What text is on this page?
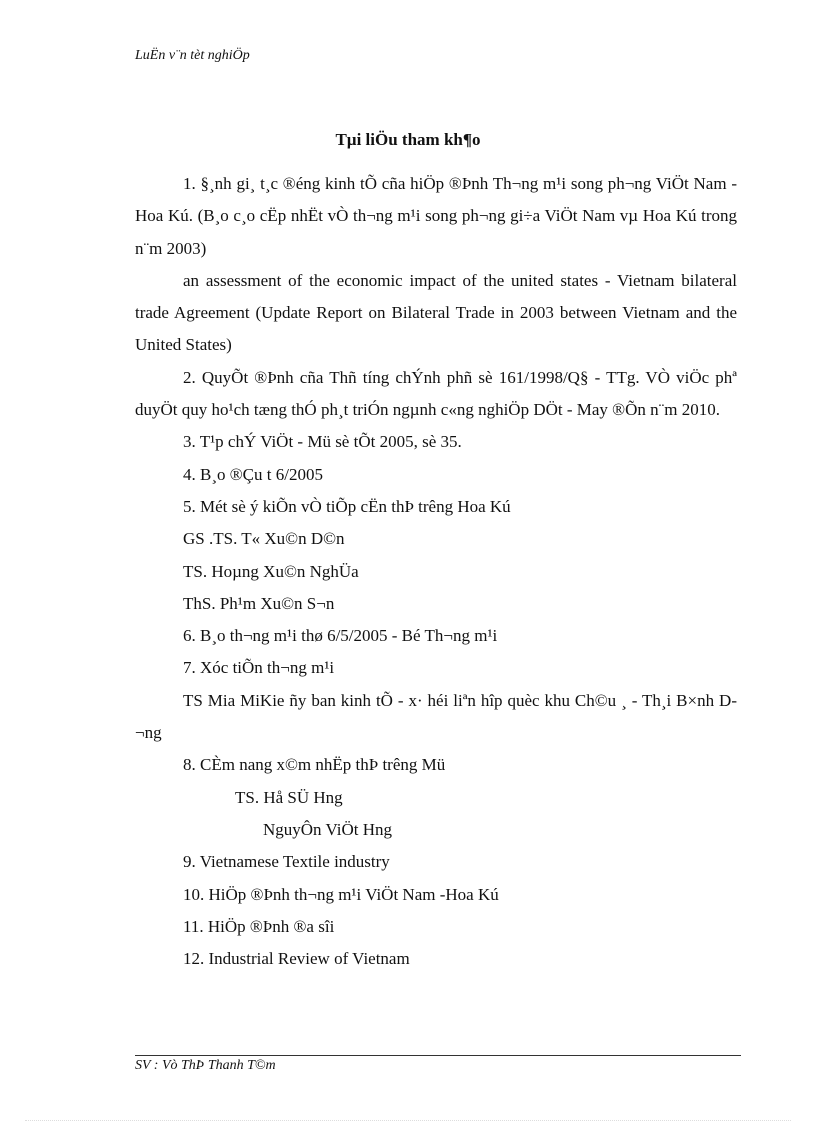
LuËn v¨n tèt nghiÖp
Tµi liÖu tham kh¶o

1. §¸nh gi¸ t¸c ®éng kinh tÕ cña hiÖp ®Þnh Th¬ng m¹i song ph¬ng ViÖt Nam - Hoa Kú. (B¸o c¸o cËp nhËt vÒ th¬ng m¹i song ph¬ng gi÷a ViÖt Nam vµ Hoa Kú trong n¨m 2003)

an assessment of the economic impact of the united states - Vietnam bilateral trade Agreement (Update Report on Bilateral Trade in 2003 between Vietnam and the United States)

2. QuyÕt ®Þnh cña Thñ tíng chÝnh phñ sè 161/1998/Q§ - TTg. VÒ viÖc phª duyÖt quy ho¹ch tæng thÓ ph¸t triÓn ngµnh c«ng nghiÖp DÖt - May ®Õn n¨m 2010.

3. T¹p chÝ ViÖt - Mü sè tÕt 2005, sè 35.

4. B¸o ®Çu t 6/2005

5. Mét sè ý kiÕn vÒ tiÕp cËn thÞ trêng Hoa Kú

GS .TS. T« Xu©n D©n

TS. Hoµng Xu©n NghÜa

ThS. Ph¹m Xu©n S¬n

6. B¸o th¬ng m¹i thø 6/5/2005 - Bé Th¬ng m¹i

7. Xóc tiÕn th¬ng m¹i

TS Mia MiKie ñy ban kinh tÕ - x· héi liªn hîp quèc khu Ch©u ¸ - Th¸i B×nh D¬ng

8. CÈm nang x©m nhËp thÞ trêng Mü

TS. Hå SÜ Hng

NguyÔn ViÖt Hng

9. Vietnamese Textile industry

10. HiÖp ®Þnh th¬ng m¹i ViÖt Nam -Hoa Kú

11. HiÖp ®Þnh ®a sîi

12. Industrial Review of Vietnam

SV : Vò ThÞ Thanh T©m
